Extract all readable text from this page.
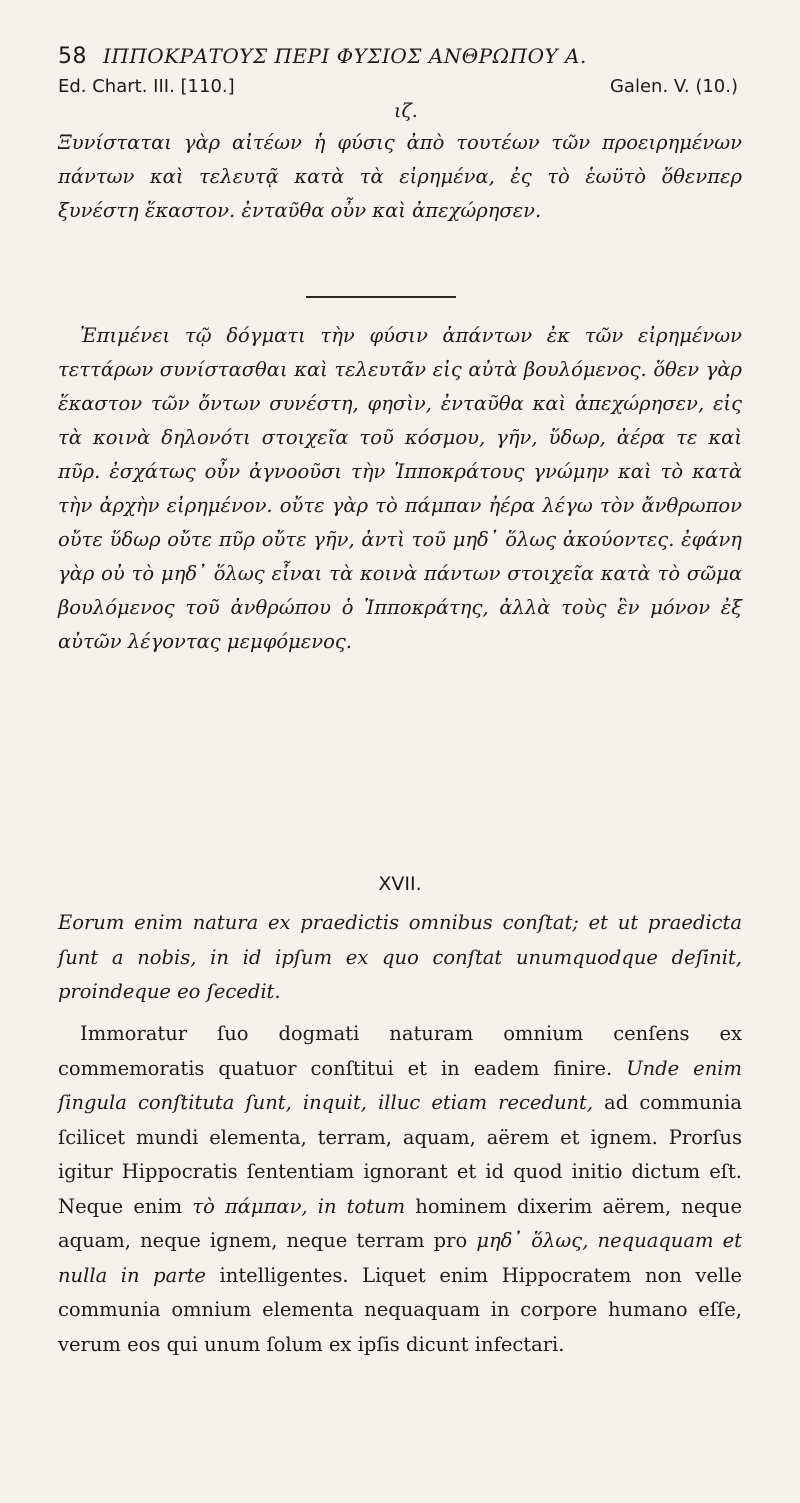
58 ΙΠΠΟΚΡΑΤΟΥΣ ΠΕΡΙ ΦΥΣΙΟΣ ΑΝΘΡΩΠΟΥ Α.
Ed. Chart. III. [110.]	Galen. V. (10.)
ιζ.

Ξυνίσταται γὰρ αἰτέων ἡ φύσις ἀπὸ τουτέων τῶν προειρημένων πάντων καὶ τελευτᾷ κατὰ τὰ εἰρημένα, ἐς τὸ ἑωϋτὸ ὅθενπερ ξυνέστη ἕκαστον. ἐνταῦθα οὖν καὶ ἀπεχώρησεν.

Ἐπιμένει τῷ δόγματι τὴν φύσιν ἁπάντων ἐκ τῶν εἰρημένων τεττάρων συνίστασθαι καὶ τελευτᾶν εἰς αὐτὰ βουλόμενος. ὅθεν γὰρ ἕκαστον τῶν ὄντων συνέστη, φησὶν, ἐνταῦθα καὶ ἀπεχώρησεν, εἰς τὰ κοινὰ δηλονότι στοιχεῖα τοῦ κόσμου, γῆν, ὕδωρ, ἀέρα τε καὶ πῦρ. ἐσχάτως οὖν ἀγνοοῦσι τὴν Ἱπποκράτους γνώμην καὶ τὸ κατὰ τὴν ἀρχὴν εἰρημένον. οὔτε γὰρ τὸ πάμπαν ἠέρα λέγω τὸν ἄνθρωπον οὔτε ὕδωρ οὔτε πῦρ οὔτε γῆν, ἀντὶ τοῦ μηδ᾽ ὅλως ἀκούοντες. ἐφάνη γὰρ οὐ τὸ μηδ᾽ ὅλως εἶναι τὰ κοινὰ πάντων στοιχεῖα κατὰ τὸ σῶμα βουλόμενος τοῦ ἀνθρώπου ὁ Ἱπποκράτης, ἀλλὰ τοὺς ἓν μόνον ἐξ αὐτῶν λέγοντας μεμφόμενος.

XVII.

Eorum enim natura ex praedictis omnibus conſtat; et ut praedicta ſunt a nobis, in id ipſum ex quo conſtat unumquodque deſinit, proindeque eo ſecedit.

Immoratur ſuo dogmati naturam omnium cenſens ex commemoratis quatuor conſtitui et in eadem finire. Unde enim ſingula conſtituta ſunt, inquit, illuc etiam recedunt, ad communia ſcilicet mundi elementa, terram, aquam, aërem et ignem. Prorſus igitur Hippocratis ſententiam ignorant et id quod initio dictum eſt. Neque enim τὸ πάμπαν, in totum hominem dixerim aërem, neque aquam, neque ignem, neque terram pro μηδ᾽ ὅλως, nequaquam et nulla in parte intelligentes. Liquet enim Hippocratem non velle communia omnium elementa nequaquam in corpore humano eſſe, verum eos qui unum ſolum ex ipſis dicunt infectari.
